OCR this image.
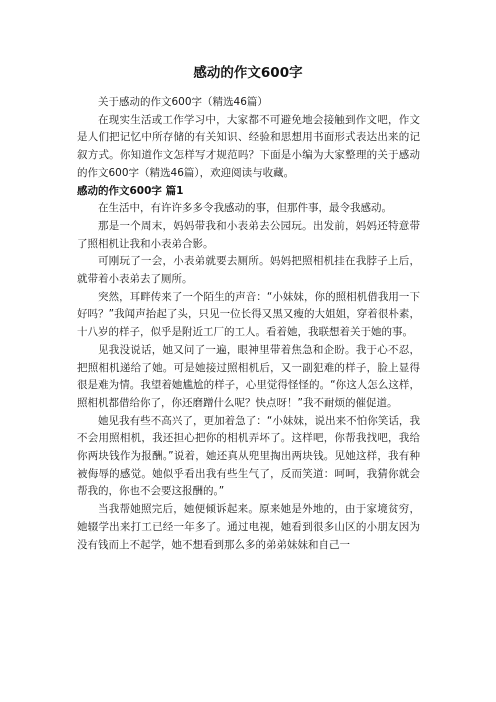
感动的作文600字

关于感动的作文600字（精选46篇）

在现实生活或工作学习中，大家都不可避免地会接触到作文吧，作文是人们把记忆中所存储的有关知识、经验和思想用书面形式表达出来的记叙方式。你知道作文怎样写才规范吗？下面是小编为大家整理的关于感动的作文600字（精选46篇），欢迎阅读与收藏。

感动的作文600字 篇1

在生活中，有许许多多令我感动的事，但那件事，最令我感动。

那是一个周末，妈妈带我和小表弟去公园玩。出发前，妈妈还特意带了照相机让我和小表弟合影。

可刚玩了一会，小表弟就要去厕所。妈妈把照相机挂在我脖子上后，就带着小表弟去了厕所。

突然，耳畔传来了一个陌生的声音：“小妹妹，你的照相机借我用一下好吗？”我闻声抬起了头，只见一位长得又黑又瘦的大姐姐，穿着很朴素，十八岁的样子，似乎是附近工厂的工人。看着她，我联想着关于她的事。

见我没说话，她又问了一遍，眼神里带着焦急和企盼。我于心不忍，把照相机递给了她。可是她接过照相机后，又一副犯难的样子，脸上显得很是难为情。我望着她尴尬的样子，心里觉得怪怪的。“你这人怎么这样，照相机都借给你了，你还磨蹭什么呢？快点呀！”我不耐烦的催促道。

她见我有些不高兴了，更加着急了：“小妹妹，说出来不怕你笑话，我不会用照相机，我还担心把你的相机弄坏了。这样吧，你帮我找吧，我给你两块钱作为报酬。”说着，她还真从兜里掏出两块钱。见她这样，我有种被侮辱的感觉。她似乎看出我有些生气了，反而笑道：呵呵，我猜你就会帮我的，你也不会要这报酬的。”

当我帮她照完后，她便倾诉起来。原来她是外地的，由于家境贫穷，她辍学出来打工已经一年多了。通过电视，她看到很多山区的小朋友因为没有钱而上不起学，她不想看到那么多的弟弟妹妹和自己一
